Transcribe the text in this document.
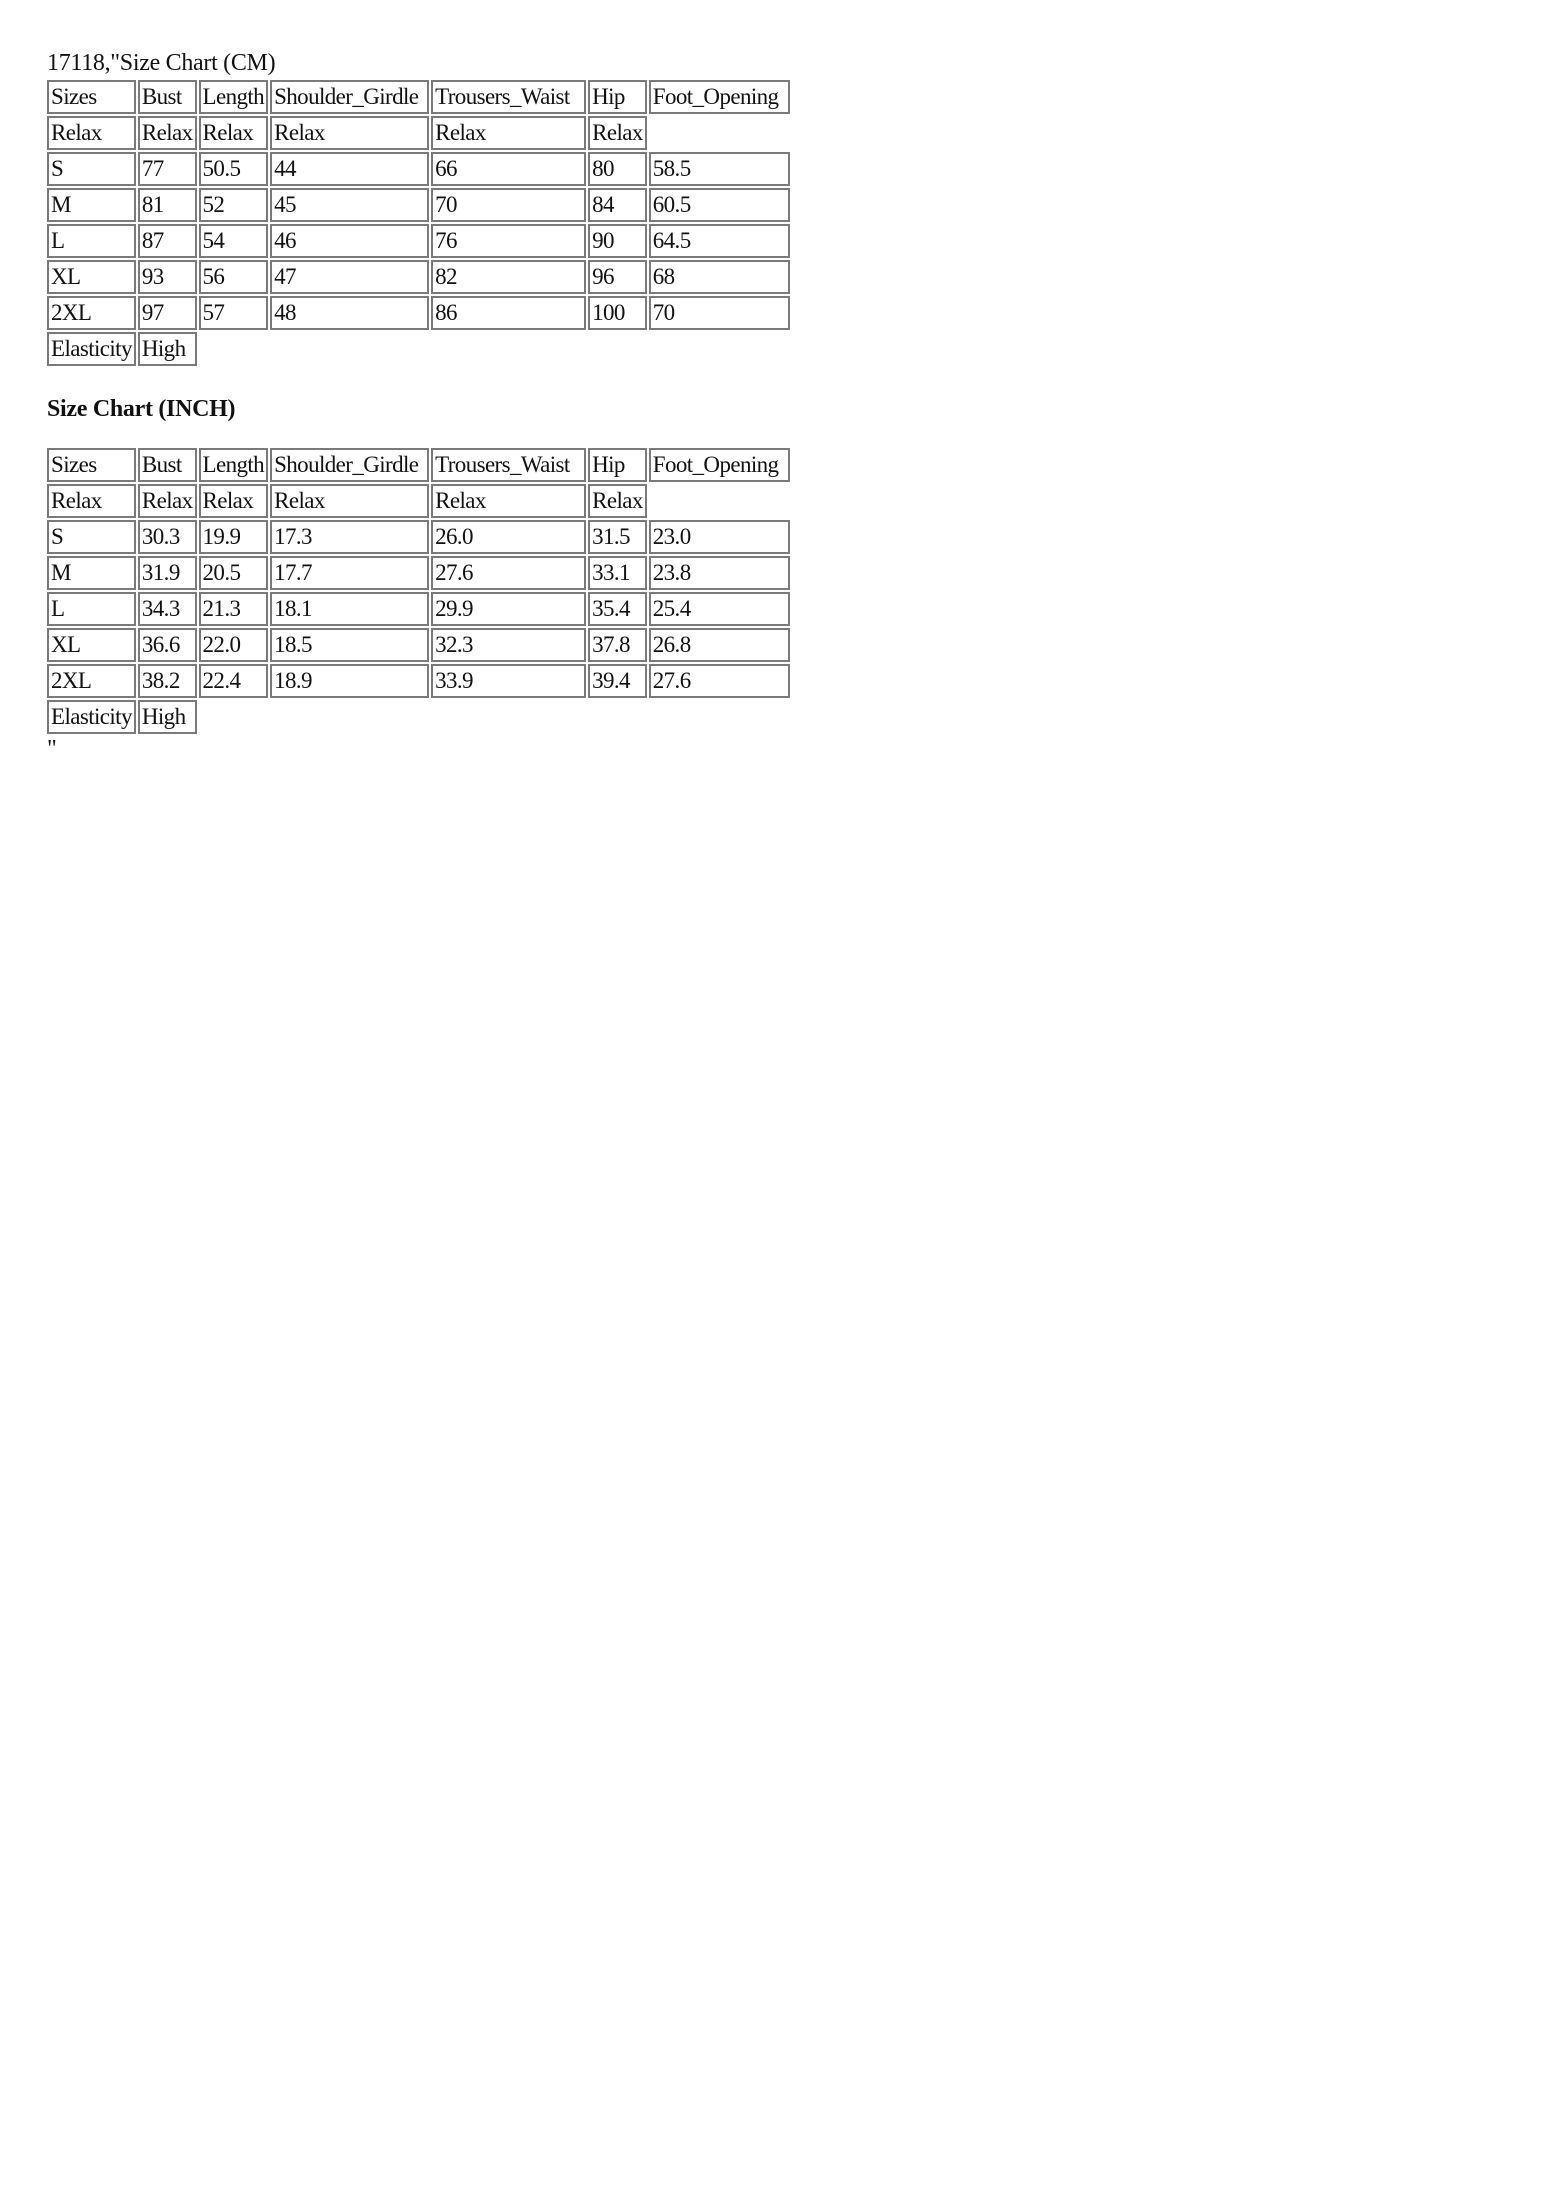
17118,"Size Chart (CM)
Sizes	Bust	Length	Shoulder_Girdle	Trousers_Waist	Hip	Foot_Opening
Relax	Relax	Relax	Relax	Relax	Relax	
S	77	50.5	44	66	80	58.5
M	81	52	45	70	84	60.5
L	87	54	46	76	90	64.5
XL	93	56	47	82	96	68
2XL	97	57	48	86	100	70
Elasticity	High					
Size Chart (INCH)
Sizes	Bust	Length	Shoulder_Girdle	Trousers_Waist	Hip	Foot_Opening
Relax	Relax	Relax	Relax	Relax	Relax	
S	30.3	19.9	17.3	26.0	31.5	23.0
M	31.9	20.5	17.7	27.6	33.1	23.8
L	34.3	21.3	18.1	29.9	35.4	25.4
XL	36.6	22.0	18.5	32.3	37.8	26.8
2XL	38.2	22.4	18.9	33.9	39.4	27.6
Elasticity	High					
"
